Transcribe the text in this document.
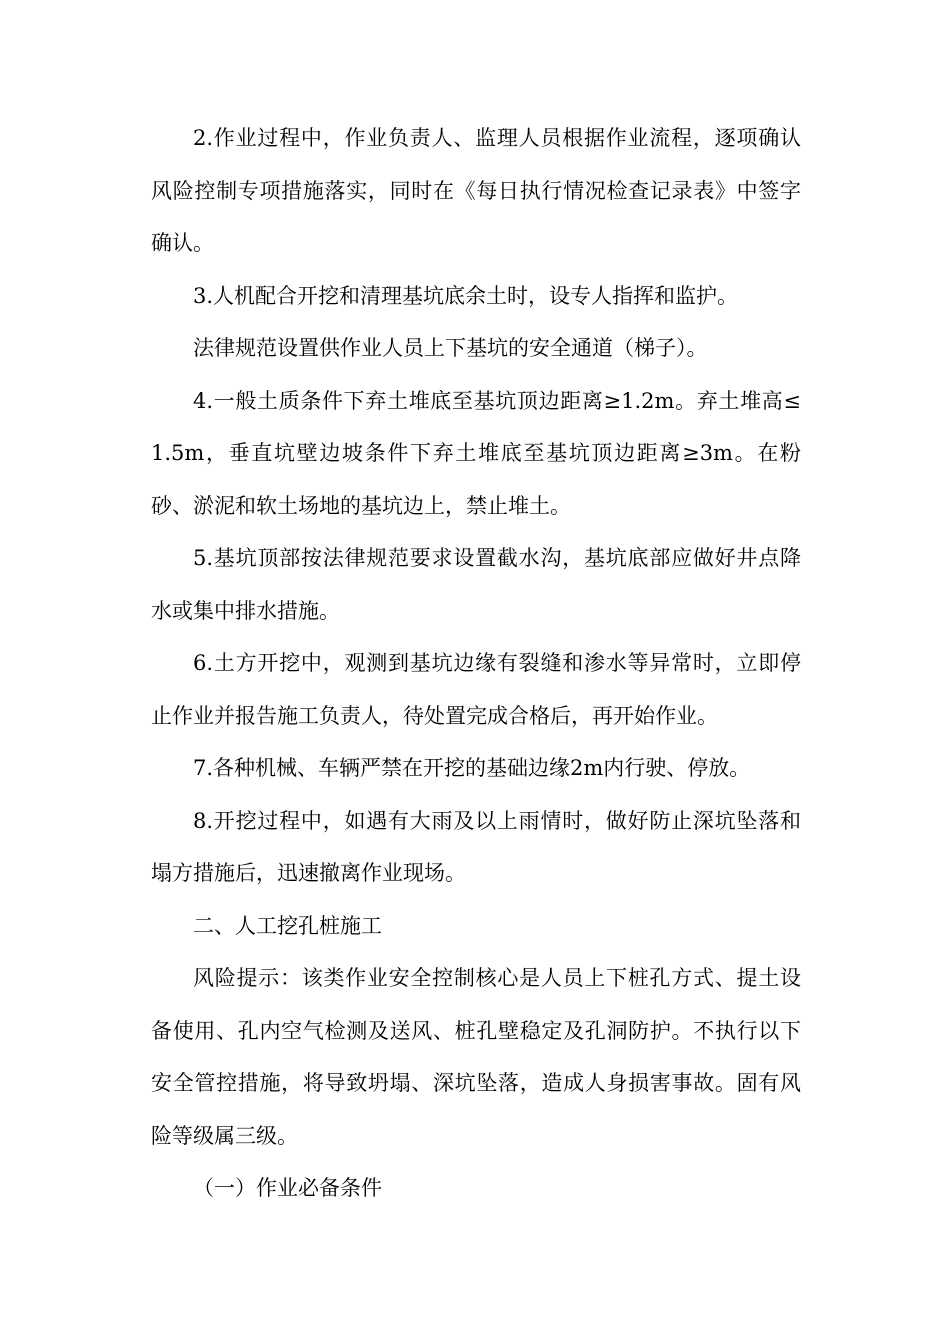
2.作业过程中，作业负责人、监理人员根据作业流程，逐项确认风险控制专项措施落实，同时在《每日执行情况检查记录表》中签字确认。

3.人机配合开挖和清理基坑底余土时，设专人指挥和监护。

法律规范设置供作业人员上下基坑的安全通道（梯子）。

4.一般土质条件下弃土堆底至基坑顶边距离≥1.2m。弃土堆高≤1.5m，垂直坑壁边坡条件下弃土堆底至基坑顶边距离≥3m。在粉砂、淤泥和软土场地的基坑边上，禁止堆土。

5.基坑顶部按法律规范要求设置截水沟，基坑底部应做好井点降水或集中排水措施。

6.土方开挖中，观测到基坑边缘有裂缝和渗水等异常时，立即停止作业并报告施工负责人，待处置完成合格后，再开始作业。

7.各种机械、车辆严禁在开挖的基础边缘2m内行驶、停放。

8.开挖过程中，如遇有大雨及以上雨情时，做好防止深坑坠落和塌方措施后，迅速撤离作业现场。

二、人工挖孔桩施工

风险提示：该类作业安全控制核心是人员上下桩孔方式、提土设备使用、孔内空气检测及送风、桩孔壁稳定及孔洞防护。不执行以下安全管控措施，将导致坍塌、深坑坠落，造成人身损害事故。固有风险等级属三级。

（一）作业必备条件
